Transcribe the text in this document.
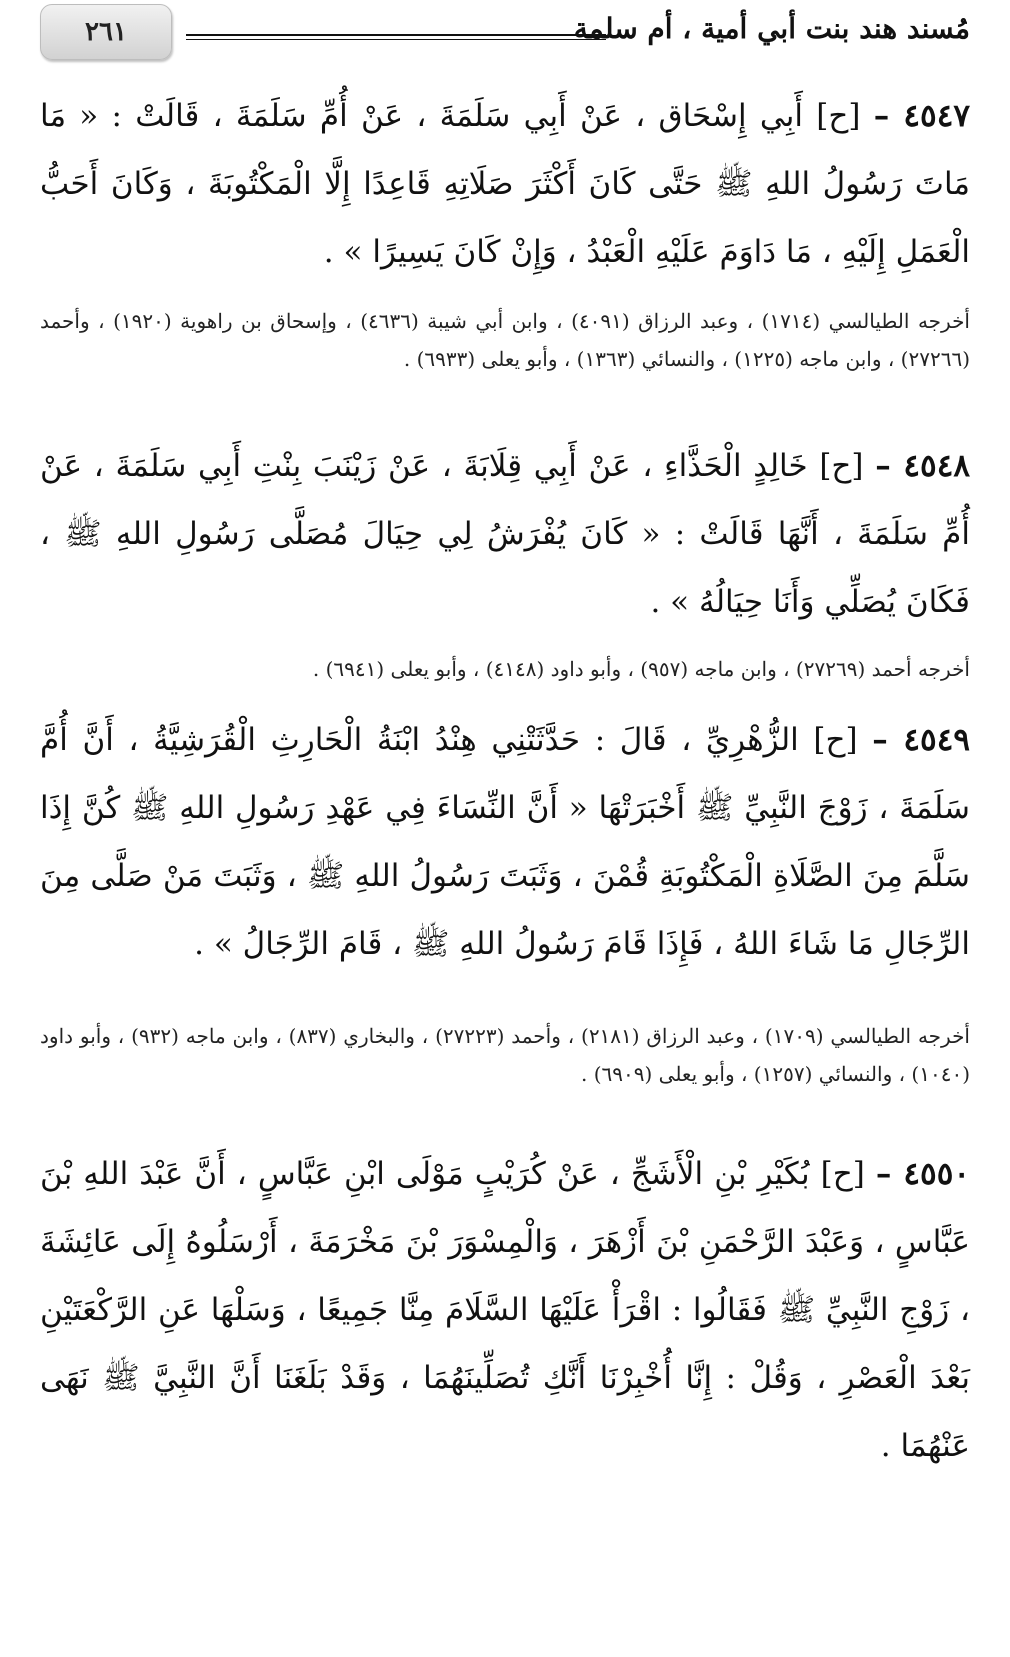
٢٦١	مُسند هند بنت أبي أمية ، أم سلمة
٤٥٤٧ – [ح] أَبِي إِسْحَاق ، عَنْ أَبِي سَلَمَةَ ، عَنْ أُمِّ سَلَمَةَ ، قَالَتْ : « مَا مَاتَ رَسُولُ اللهِ ﷺ حَتَّى كَانَ أَكْثَرَ صَلَاتِهِ قَاعِدًا إِلَّا الْمَكْتُوبَةَ ، وَكَانَ أَحَبُّ الْعَمَلِ إِلَيْهِ ، مَا دَاوَمَ عَلَيْهِ الْعَبْدُ ، وَإِنْ كَانَ يَسِيرًا » .
أخرجه الطيالسي (١٧١٤) ، وعبد الرزاق (٤٠٩١) ، وابن أبي شيبة (٤٦٣٦) ، وإسحاق بن راهوية (١٩٢٠) ، وأحمد (٢٧٢٦٦) ، وابن ماجه (١٢٢٥) ، والنسائي (١٣٦٣) ، وأبو يعلى (٦٩٣٣) .
٤٥٤٨ – [ح] خَالِدٍ الْحَذَّاءِ ، عَنْ أَبِي قِلَابَةَ ، عَنْ زَيْنَبَ بِنْتِ أَبِي سَلَمَةَ ، عَنْ أُمِّ سَلَمَةَ ، أَنَّهَا قَالَتْ : « كَانَ يُفْرَشُ لِي حِيَالَ مُصَلَّى رَسُولِ اللهِ ﷺ ، فَكَانَ يُصَلِّي وَأَنَا حِيَالُهُ » .
أخرجه أحمد (٢٧٢٦٩) ، وابن ماجه (٩٥٧) ، وأبو داود (٤١٤٨) ، وأبو يعلى (٦٩٤١) .
٤٥٤٩ – [ح] الزُّهْرِيِّ ، قَالَ : حَدَّثَتْنِي هِنْدُ ابْنَةُ الْحَارِثِ الْقُرَشِيَّةُ ، أَنَّ أُمَّ سَلَمَةَ ، زَوْجَ النَّبِيِّ ﷺ أَخْبَرَتْهَا « أَنَّ النِّسَاءَ فِي عَهْدِ رَسُولِ اللهِ ﷺ كُنَّ إِذَا سَلَّمَ مِنَ الصَّلَاةِ الْمَكْتُوبَةِ قُمْنَ ، وَثَبَتَ رَسُولُ اللهِ ﷺ ، وَثَبَتَ مَنْ صَلَّى مِنَ الرِّجَالِ مَا شَاءَ اللهُ ، فَإِذَا قَامَ رَسُولُ اللهِ ﷺ ، قَامَ الرِّجَالُ » .
أخرجه الطيالسي (١٧٠٩) ، وعبد الرزاق (٢١٨١) ، وأحمد (٢٧٢٢٣) ، والبخاري (٨٣٧) ، وابن ماجه (٩٣٢) ، وأبو داود (١٠٤٠) ، والنسائي (١٢٥٧) ، وأبو يعلى (٦٩٠٩) .
٤٥٥٠ – [ح] بُكَيْرِ بْنِ الْأَشَجِّ ، عَنْ كُرَيْبٍ مَوْلَى ابْنِ عَبَّاسٍ ، أَنَّ عَبْدَ اللهِ بْنَ عَبَّاسٍ ، وَعَبْدَ الرَّحْمَنِ بْنَ أَزْهَرَ ، وَالْمِسْوَرَ بْنَ مَخْرَمَةَ ، أَرْسَلُوهُ إِلَى عَائِشَةَ ، زَوْجِ النَّبِيِّ ﷺ فَقَالُوا : اقْرَأْ عَلَيْهَا السَّلَامَ مِنَّا جَمِيعًا ، وَسَلْهَا عَنِ الرَّكْعَتَيْنِ بَعْدَ الْعَصْرِ ، وَقُلْ : إِنَّا أُخْبِرْنَا أَنَّكِ تُصَلِّينَهُمَا ، وَقَدْ بَلَغَنَا أَنَّ النَّبِيَّ ﷺ نَهَى عَنْهُمَا .
